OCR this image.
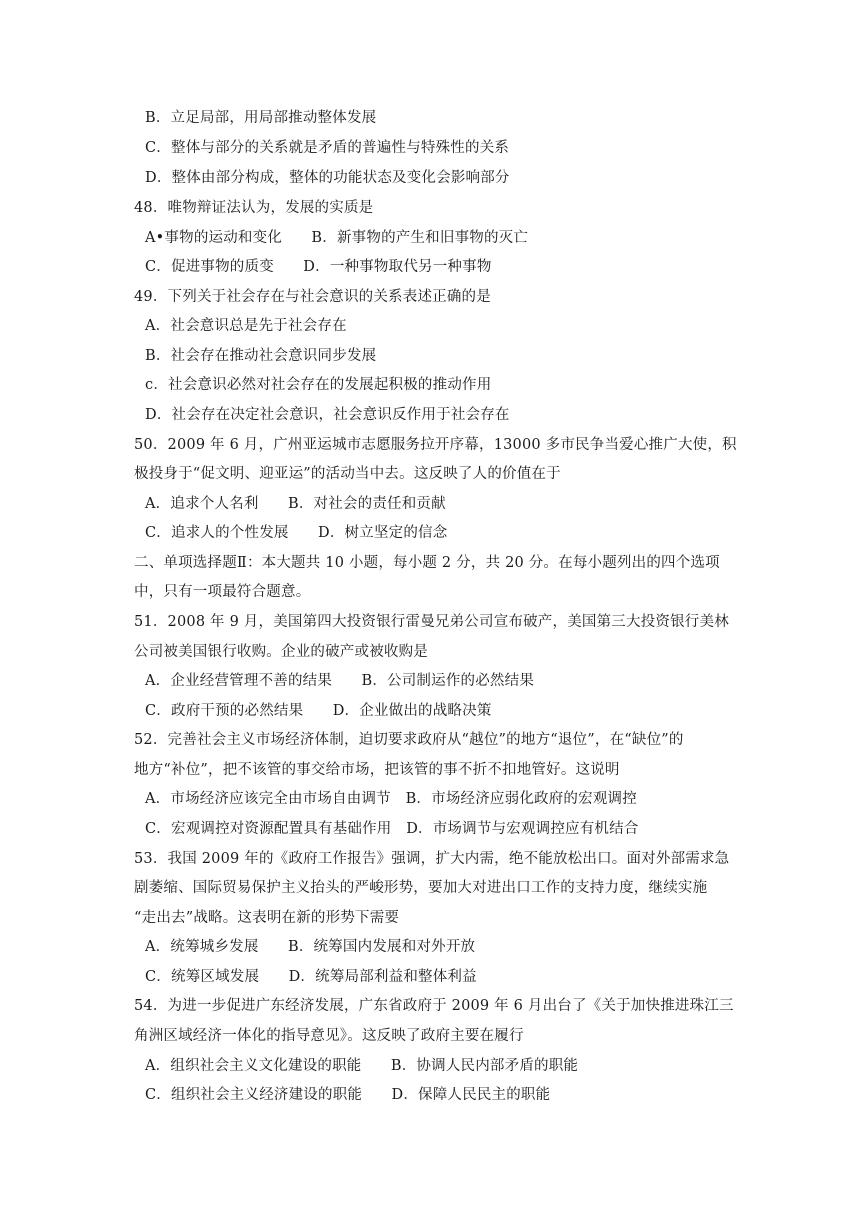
B．立足局部，用局部推动整体发展
C．整体与部分的关系就是矛盾的普遍性与特殊性的关系
D．整体由部分构成，整体的功能状态及变化会影响部分
48．唯物辩证法认为，发展的实质是
A•事物的运动和变化　　B．新事物的产生和旧事物的灭亡
C．促进事物的质变　　D．一种事物取代另一种事物
49．下列关于社会存在与社会意识的关系表述正确的是
A．社会意识总是先于社会存在
B．社会存在推动社会意识同步发展
c．社会意识必然对社会存在的发展起积极的推动作用
D．社会存在决定社会意识，社会意识反作用于社会存在
50．2009 年 6 月，广州亚运城市志愿服务拉开序幕，13000 多市民争当爱心推广大使，积
极投身于“促文明、迎亚运”的活动当中去。这反映了人的价值在于
A．追求个人名利　　B．对社会的责任和贡献
C．追求人的个性发展　　D．树立坚定的信念
二、单项选择题Ⅱ：本大题共 10 小题，每小题 2 分，共 20 分。在每小题列出的四个选项
中，只有一项最符合题意。
51．2008 年 9 月，美国第四大投资银行雷曼兄弟公司宣布破产，美国第三大投资银行美林
公司被美国银行收购。企业的破产或被收购是
A．企业经营管理不善的结果　　B．公司制运作的必然结果
C．政府干预的必然结果　　D．企业做出的战略决策
52．完善社会主义市场经济体制，迫切要求政府从“越位”的地方“退位”，在“缺位”的
地方“补位”，把不该管的事交给市场，把该管的事不折不扣地管好。这说明
A．市场经济应该完全由市场自由调节　B．市场经济应弱化政府的宏观调控
C．宏观调控对资源配置具有基础作用　D．市场调节与宏观调控应有机结合
53．我国 2009 年的《政府工作报告》强调，扩大内需，绝不能放松出口。面对外部需求急
剧萎缩、国际贸易保护主义抬头的严峻形势，要加大对进出口工作的支持力度，继续实施
“走出去”战略。这表明在新的形势下需要
A．统筹城乡发展　　B．统筹国内发展和对外开放
C．统筹区域发展　　D．统筹局部利益和整体利益
54．为进一步促进广东经济发展，广东省政府于 2009 年 6 月出台了《关于加快推进珠江三
角洲区域经济一体化的指导意见》。这反映了政府主要在履行
A．组织社会主义文化建设的职能　　B．协调人民内部矛盾的职能
C．组织社会主义经济建设的职能　　D．保障人民民主的职能
